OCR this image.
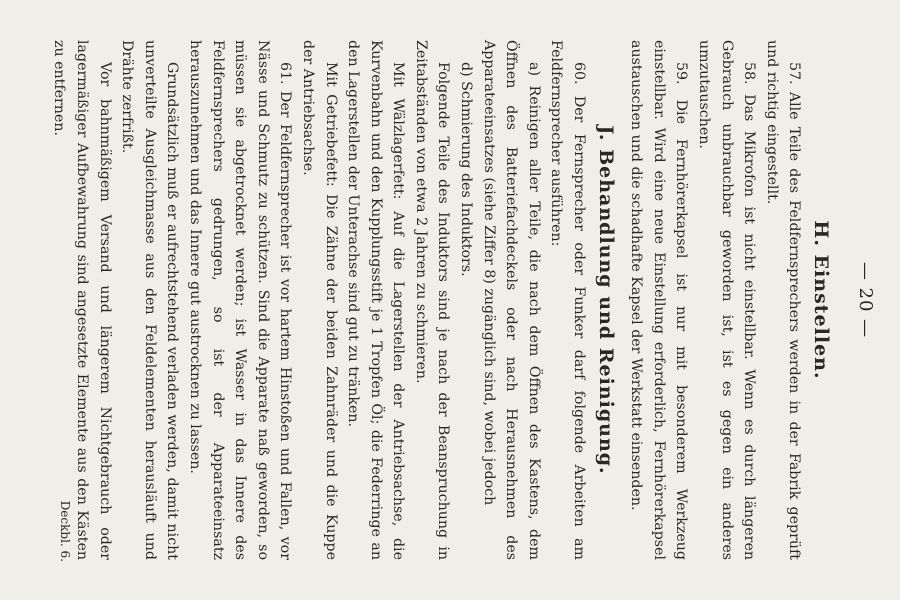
— 20 —
H. Einstellen.

57. Alle Teile des Feldfernsprechers werden in der Fabrik geprüft und richtig eingestellt.

58. Das Mikrofon ist nicht einstellbar. Wenn es durch längeren Gebrauch unbrauchbar geworden ist, ist es gegen ein anderes umzutauschen.

59. Die Fernhörerkapsel ist nur mit besonderem Werkzeug einstellbar. Wird eine neue Einstellung erforderlich, Fernhörerkapsel austauschen und die schadhafte Kapsel der Werkstatt einsenden.

J. Behandlung und Reinigung.

60. Der Fernsprecher oder Funker darf folgende Arbeiten am Feldfernsprecher ausführen:

a) Reinigen aller Teile, die nach dem Öffnen des Kastens, dem Öffnen des Batteriefachdeckels oder nach Herausnehmen des Apparateeinsatzes (siehe Ziffer 8) zugänglich sind, wobei jedoch

d) Schmierung des Induktors.

Folgende Teile des Induktors sind je nach der Beanspruchung in Zeitabständen von etwa 2 Jahren zu schmieren.

Mit Wälzlagerfett: Auf die Lagerstellen der Antriebsachse, die Kurvenbahn und den Kupplungsstift je 1 Tropfen Öl; die Federringe an den Lagerstellen der Unterachse sind gut zu tränken.

Mit Getriebefett: Die Zähne der beiden Zahnräder und die Kuppe der Antriebsachse.

61. Der Feldfernsprecher ist vor hartem Hinstoßen und Fallen, vor Nässe und Schmutz zu schützen. Sind die Apparate naß geworden, so müssen sie abgetrocknet werden; ist Wasser in das Innere des Feldfernsprechers gedrungen, so ist der Apparateeinsatz herauszunehmen und das Innere gut austrocknen zu lassen.

Grundsätzlich muß er aufrechtstehend verladen werden, damit nicht unverteilte Ausgleichmasse aus den Feldelementen herausläuft und Drähte zerfrißt.

Vor bahnmäßigem Versand und längerem Nichtgebrauch oder lagermäßiger Aufbewahrung sind angesetzte Elemente aus den Kästen zu entfernen.

Deckbl. 6.
